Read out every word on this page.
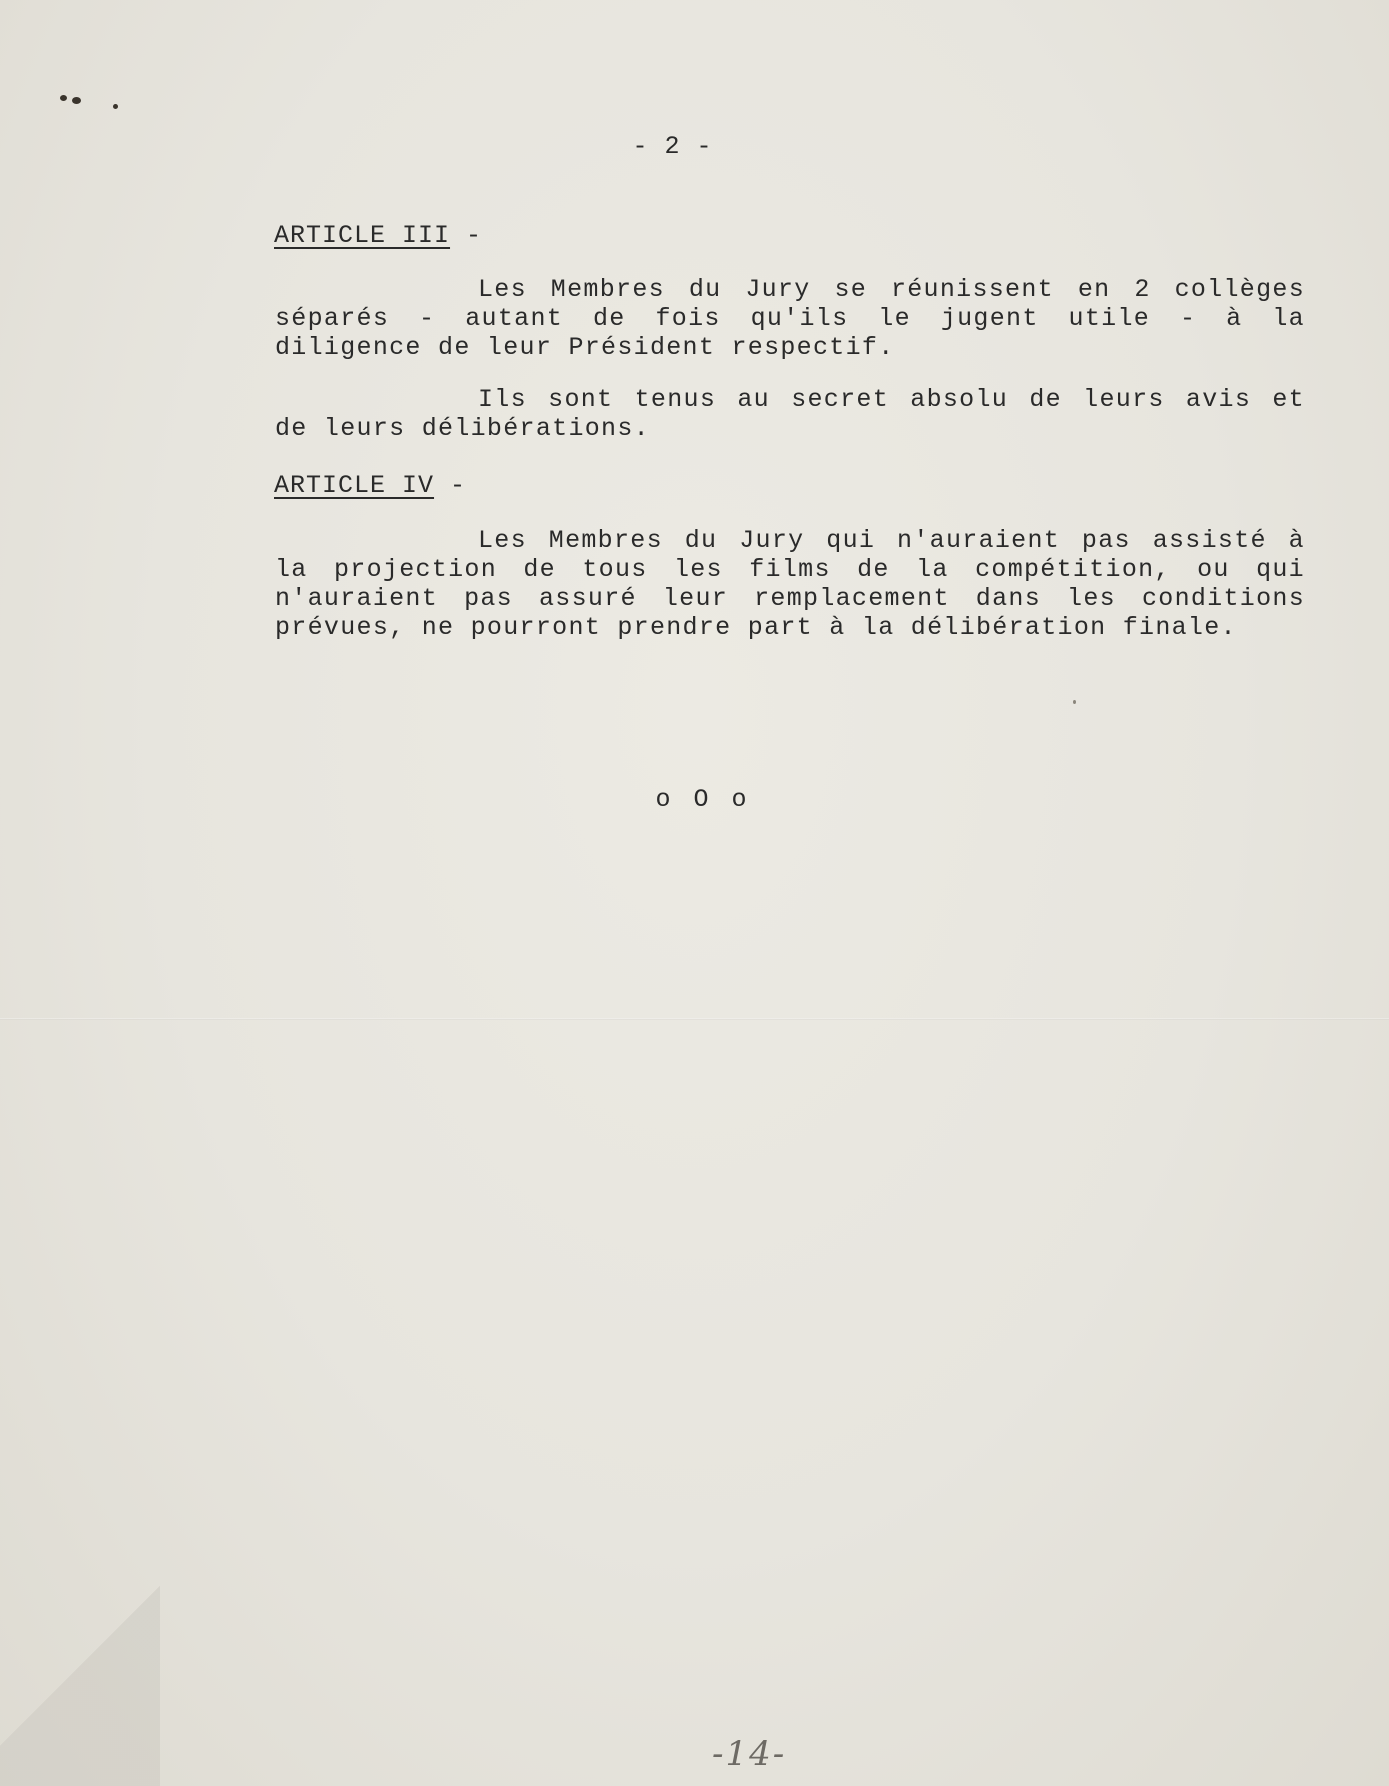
- 2 -
ARTICLE III -

Les Membres du Jury se réunissent en 2 collèges séparés - autant de fois qu'ils le jugent utile - à la diligence de leur Président respectif.

Ils sont tenus au secret absolu de leurs avis et de leurs délibérations.

ARTICLE IV -

Les Membres du Jury qui n'auraient pas assisté à la projection de tous les films de la compétition, ou qui n'auraient pas assuré leur remplacement dans les conditions prévues, ne pourront prendre part à la délibération finale.

o O o
-14-
